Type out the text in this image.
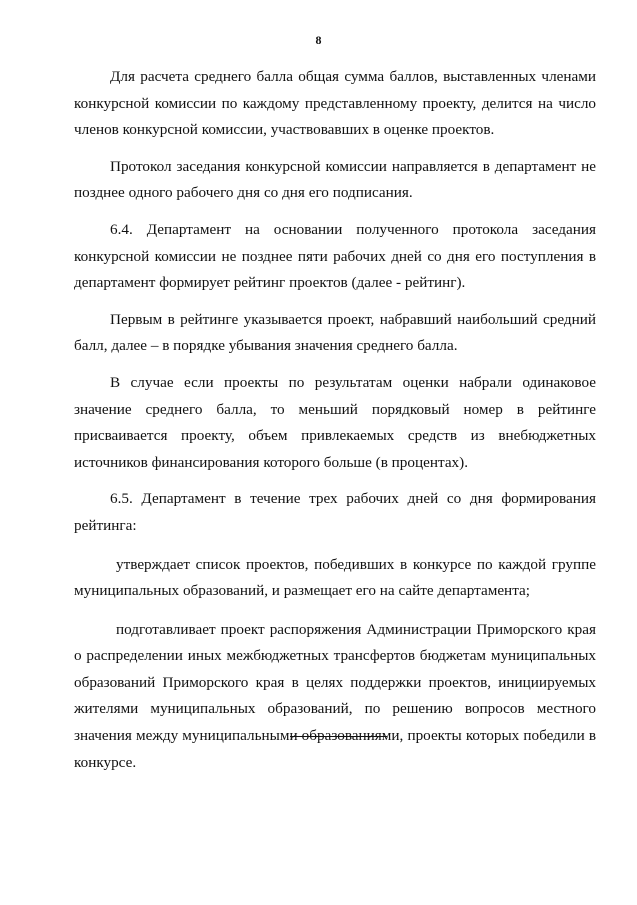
8

Для расчета среднего балла общая сумма баллов, выставленных членами конкурсной комиссии по каждому представленному проекту, делится на число членов конкурсной комиссии, участвовавших в оценке проектов.

Протокол заседания конкурсной комиссии направляется в департамент не позднее одного рабочего дня со дня его подписания.

6.4. Департамент на основании полученного протокола заседания конкурсной комиссии не позднее пяти рабочих дней со дня его поступления в департамент формирует рейтинг проектов (далее - рейтинг).

Первым в рейтинге указывается проект, набравший наибольший средний балл, далее – в порядке убывания значения среднего балла.

В случае если проекты по результатам оценки набрали одинаковое значение среднего балла, то меньший порядковый номер в рейтинге присваивается проекту, объем привлекаемых средств из внебюджетных источников финансирования которого больше (в процентах).

6.5. Департамент в течение трех рабочих дней со дня формирования рейтинга:

утверждает список проектов, победивших в конкурсе по каждой группе муниципальных образований, и размещает его на сайте департамента;

подготавливает проект распоряжения Администрации Приморского края о распределении иных межбюджетных трансфертов бюджетам муниципальных образований Приморского края в целях поддержки проектов, инициируемых жителями муниципальных образований, по решению вопросов местного значения между муниципальными образованиями, проекты которых победили в конкурсе.
